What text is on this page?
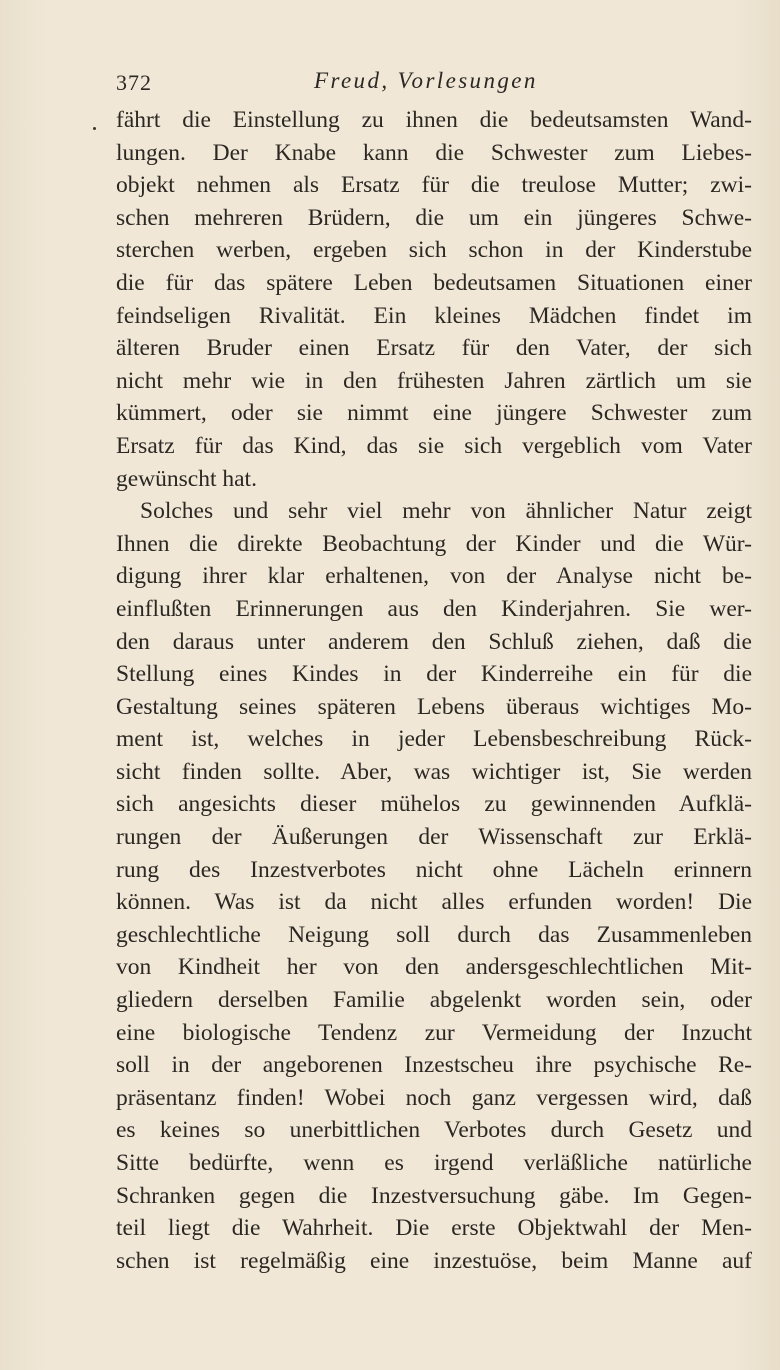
372	Freud, Vorlesungen
fährt die Einstellung zu ihnen die bedeutsamsten Wand-
lungen. Der Knabe kann die Schwester zum Liebes-
objekt nehmen als Ersatz für die treulose Mutter; zwi-
schen mehreren Brüdern, die um ein jüngeres Schwe-
sterchen werben, ergeben sich schon in der Kinderstube
die für das spätere Leben bedeutsamen Situationen einer
feindseligen Rivalität. Ein kleines Mädchen findet im
älteren Bruder einen Ersatz für den Vater, der sich
nicht mehr wie in den frühesten Jahren zärtlich um sie
kümmert, oder sie nimmt eine jüngere Schwester zum
Ersatz für das Kind, das sie sich vergeblich vom Vater
gewünscht hat.
Solches und sehr viel mehr von ähnlicher Natur zeigt
Ihnen die direkte Beobachtung der Kinder und die Wür-
digung ihrer klar erhaltenen, von der Analyse nicht be-
einflußten Erinnerungen aus den Kinderjahren. Sie wer-
den daraus unter anderem den Schluß ziehen, daß die
Stellung eines Kindes in der Kinderreihe ein für die
Gestaltung seines späteren Lebens überaus wichtiges Mo-
ment ist, welches in jeder Lebensbeschreibung Rück-
sicht finden sollte. Aber, was wichtiger ist, Sie werden
sich angesichts dieser mühelos zu gewinnenden Aufklä-
rungen der Äußerungen der Wissenschaft zur Erklä-
rung des Inzestverbotes nicht ohne Lächeln erinnern
können. Was ist da nicht alles erfunden worden! Die
geschlechtliche Neigung soll durch das Zusammenleben
von Kindheit her von den andersgeschlechtlichen Mit-
gliedern derselben Familie abgelenkt worden sein, oder
eine biologische Tendenz zur Vermeidung der Inzucht
soll in der angeborenen Inzestscheu ihre psychische Re-
präsentanz finden! Wobei noch ganz vergessen wird, daß
es keines so unerbittlichen Verbotes durch Gesetz und
Sitte bedürfte, wenn es irgend verläßliche natürliche
Schranken gegen die Inzestversuchung gäbe. Im Gegen-
teil liegt die Wahrheit. Die erste Objektwahl der Men-
schen ist regelmäßig eine inzestuöse, beim Manne auf
